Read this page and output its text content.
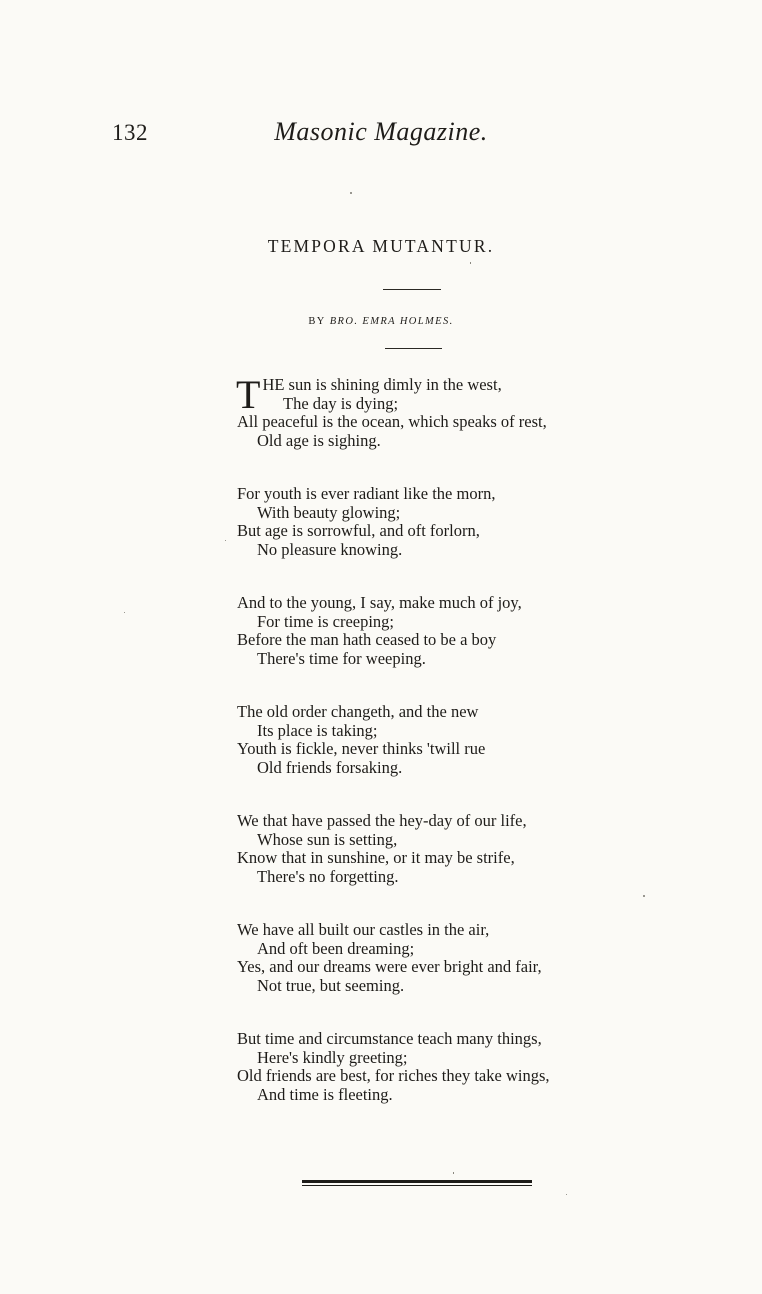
132	Masonic Magazine.
TEMPORA MUTANTUR.
BY BRO. EMRA HOLMES.
T HE sun is shining dimly in the west,
The day is dying;
All peaceful is the ocean, which speaks of rest,
Old age is sighing.
For youth is ever radiant like the morn,
With beauty glowing;
But age is sorrowful, and oft forlorn,
No pleasure knowing.
And to the young, I say, make much of joy,
For time is creeping;
Before the man hath ceased to be a boy
There's time for weeping.
The old order changeth, and the new
Its place is taking;
Youth is fickle, never thinks 'twill rue
Old friends forsaking.
We that have passed the hey-day of our life,
Whose sun is setting,
Know that in sunshine, or it may be strife,
There's no forgetting.
We have all built our castles in the air,
And oft been dreaming;
Yes, and our dreams were ever bright and fair,
Not true, but seeming.
But time and circumstance teach many things,
Here's kindly greeting;
Old friends are best, for riches they take wings,
And time is fleeting.
